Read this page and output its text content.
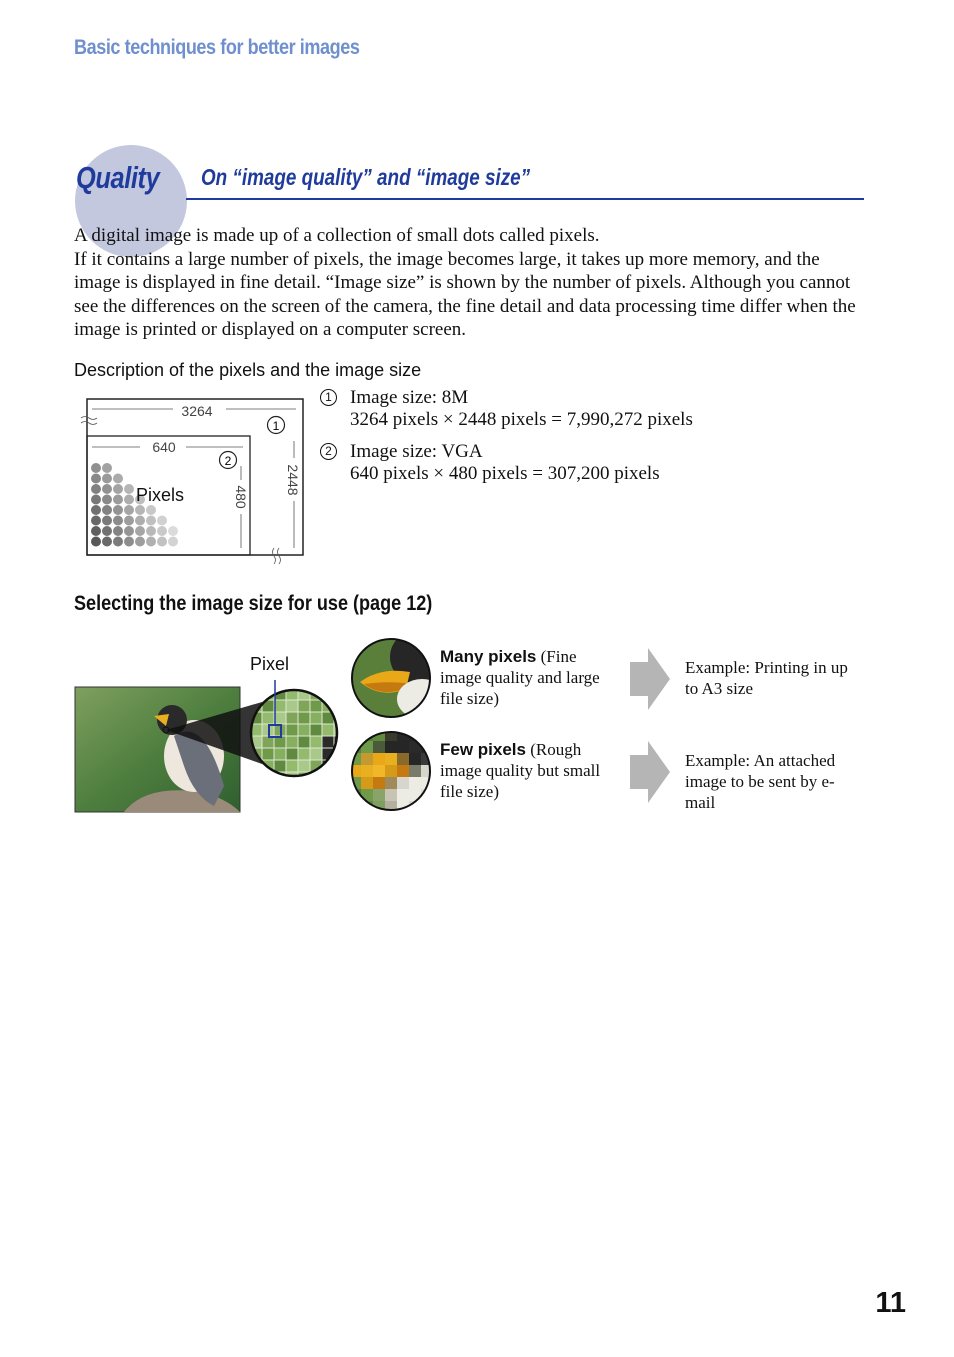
Basic techniques for better images
Quality On “image quality” and “image size”

A digital image is made up of a collection of small dots called pixels.

If it contains a large number of pixels, the image becomes large, it takes up more memory, and the image is displayed in fine detail. “Image size” is shown by the number of pixels. Although you cannot see the differences on the screen of the camera, the fine detail and data processing time differ when the image is printed or displayed on a computer screen.

Description of the pixels and the image size
3264
640
2448
480
1
2
Pixels
1 Image size: 8M
3264 pixels × 2448 pixels = 7,990,272 pixels
2 Image size: VGA
640 pixels × 480 pixels = 307,200 pixels
Selecting the image size for use (page 12)
Pixel	Many pixels (Fine image quality and large file size)
Example: Printing in up to A3 size
Few pixels (Rough image quality but small file size)
Example: An attached image to be sent by e-mail
11
